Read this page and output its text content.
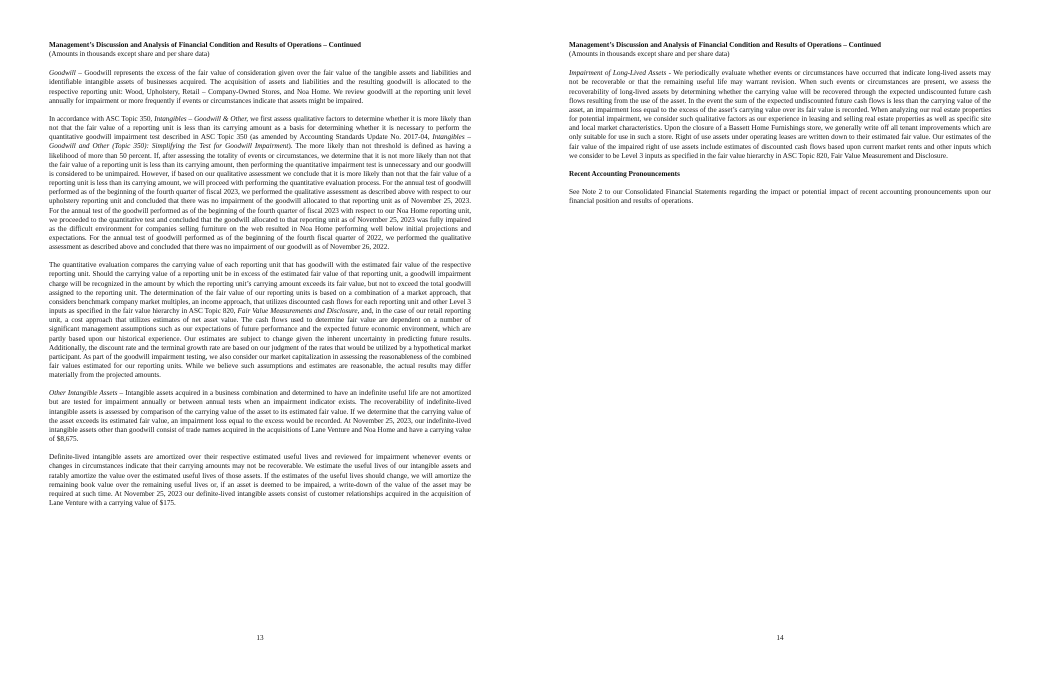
Management’s Discussion and Analysis of Financial Condition and Results of Operations – Continued
(Amounts in thousands except share and per share data)

Goodwill – Goodwill represents the excess of the fair value of consideration given over the fair value of the tangible assets and liabilities and identifiable intangible assets of businesses acquired. The acquisition of assets and liabilities and the resulting goodwill is allocated to the respective reporting unit: Wood, Upholstery, Retail – Company-Owned Stores, and Noa Home. We review goodwill at the reporting unit level annually for impairment or more frequently if events or circumstances indicate that assets might be impaired.

In accordance with ASC Topic 350, Intangibles – Goodwill & Other, we first assess qualitative factors to determine whether it is more likely than not that the fair value of a reporting unit is less than its carrying amount as a basis for determining whether it is necessary to perform the quantitative goodwill impairment test described in ASC Topic 350 (as amended by Accounting Standards Update No. 2017-04, Intangibles – Goodwill and Other (Topic 350): Simplifying the Test for Goodwill Impairment). The more likely than not threshold is defined as having a likelihood of more than 50 percent. If, after assessing the totality of events or circumstances, we determine that it is not more likely than not that the fair value of a reporting unit is less than its carrying amount, then performing the quantitative impairment test is unnecessary and our goodwill is considered to be unimpaired. However, if based on our qualitative assessment we conclude that it is more likely than not that the fair value of a reporting unit is less than its carrying amount, we will proceed with performing the quantitative evaluation process. For the annual test of goodwill performed as of the beginning of the fourth quarter of fiscal 2023, we performed the qualitative assessment as described above with respect to our upholstery reporting unit and concluded that there was no impairment of the goodwill allocated to that reporting unit as of November 25, 2023. For the annual test of the goodwill performed as of the beginning of the fourth quarter of fiscal 2023 with respect to our Noa Home reporting unit, we proceeded to the quantitative test and concluded that the goodwill allocated to that reporting unit as of November 25, 2023 was fully impaired as the difficult environment for companies selling furniture on the web resulted in Noa Home performing well below initial projections and expectations. For the annual test of goodwill performed as of the beginning of the fourth fiscal quarter of 2022, we performed the qualitative assessment as described above and concluded that there was no impairment of our goodwill as of November 26, 2022.

The quantitative evaluation compares the carrying value of each reporting unit that has goodwill with the estimated fair value of the respective reporting unit. Should the carrying value of a reporting unit be in excess of the estimated fair value of that reporting unit, a goodwill impairment charge will be recognized in the amount by which the reporting unit’s carrying amount exceeds its fair value, but not to exceed the total goodwill assigned to the reporting unit. The determination of the fair value of our reporting units is based on a combination of a market approach, that considers benchmark company market multiples, an income approach, that utilizes discounted cash flows for each reporting unit and other Level 3 inputs as specified in the fair value hierarchy in ASC Topic 820, Fair Value Measurements and Disclosure, and, in the case of our retail reporting unit, a cost approach that utilizes estimates of net asset value. The cash flows used to determine fair value are dependent on a number of significant management assumptions such as our expectations of future performance and the expected future economic environment, which are partly based upon our historical experience. Our estimates are subject to change given the inherent uncertainty in predicting future results. Additionally, the discount rate and the terminal growth rate are based on our judgment of the rates that would be utilized by a hypothetical market participant. As part of the goodwill impairment testing, we also consider our market capitalization in assessing the reasonableness of the combined fair values estimated for our reporting units. While we believe such assumptions and estimates are reasonable, the actual results may differ materially from the projected amounts.

Other Intangible Assets – Intangible assets acquired in a business combination and determined to have an indefinite useful life are not amortized but are tested for impairment annually or between annual tests when an impairment indicator exists. The recoverability of indefinite-lived intangible assets is assessed by comparison of the carrying value of the asset to its estimated fair value. If we determine that the carrying value of the asset exceeds its estimated fair value, an impairment loss equal to the excess would be recorded. At November 25, 2023, our indefinite-lived intangible assets other than goodwill consist of trade names acquired in the acquisitions of Lane Venture and Noa Home and have a carrying value of $8,675.

Definite-lived intangible assets are amortized over their respective estimated useful lives and reviewed for impairment whenever events or changes in circumstances indicate that their carrying amounts may not be recoverable. We estimate the useful lives of our intangible assets and ratably amortize the value over the estimated useful lives of those assets. If the estimates of the useful lives should change, we will amortize the remaining book value over the remaining useful lives or, if an asset is deemed to be impaired, a write-down of the value of the asset may be required at such time. At November 25, 2023 our definite-lived intangible assets consist of customer relationships acquired in the acquisition of Lane Venture with a carrying value of $175.

13
Management’s Discussion and Analysis of Financial Condition and Results of Operations – Continued
(Amounts in thousands except share and per share data)

Impairment of Long-Lived Assets - We periodically evaluate whether events or circumstances have occurred that indicate long-lived assets may not be recoverable or that the remaining useful life may warrant revision. When such events or circumstances are present, we assess the recoverability of long-lived assets by determining whether the carrying value will be recovered through the expected undiscounted future cash flows resulting from the use of the asset. In the event the sum of the expected undiscounted future cash flows is less than the carrying value of the asset, an impairment loss equal to the excess of the asset’s carrying value over its fair value is recorded. When analyzing our real estate properties for potential impairment, we consider such qualitative factors as our experience in leasing and selling real estate properties as well as specific site and local market characteristics. Upon the closure of a Bassett Home Furnishings store, we generally write off all tenant improvements which are only suitable for use in such a store. Right of use assets under operating leases are written down to their estimated fair value. Our estimates of the fair value of the impaired right of use assets include estimates of discounted cash flows based upon current market rents and other inputs which we consider to be Level 3 inputs as specified in the fair value hierarchy in ASC Topic 820, Fair Value Measurement and Disclosure.

Recent Accounting Pronouncements

See Note 2 to our Consolidated Financial Statements regarding the impact or potential impact of recent accounting pronouncements upon our financial position and results of operations.

14
